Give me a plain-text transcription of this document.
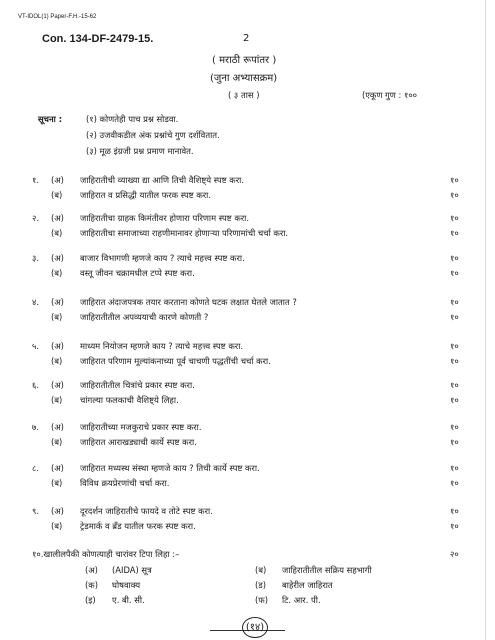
VT-IDOL(1) Paper-F.H.-15-62
Con. 134-DF-2479-15.	2
( मराठी रूपांतर )
(जुना अभ्यासक्रम)
( ३ तास )	(एकूण गुण : १००
सूचना :	(१) कोणतेही पाच प्रश्न सोडवा.
(२) उजवीकडील अंक प्रश्नांचे गुण दर्शवितात.
(३) मूळ इंग्रजी प्रश्न प्रमाण मानावेत.
१. (अ) जाहिरातीची व्याख्या द्या आणि तिची वैशिष्ट्ये स्पष्ट करा.	१०
(ब) जाहिरात व प्रसिद्धी यातील फरक स्पष्ट करा.	१०
२. (अ) जाहिरातीचा ग्राहक किमंतीवर होणारा परिणाम स्पष्ट करा.	१०
(ब) जाहिरातीचा समाजाच्या राहणीमानावर होणाऱ्या परिणामांची चर्चा करा.	१०
३. (अ) बाजार विभागणी म्हणजे काय ? त्याचे महत्त्व स्पष्ट करा.	१०
(ब) वस्तू जीवन चक्रामधील टप्पे स्पष्ट करा.	१०
४. (अ) जाहिरात अंदाजपत्रक तयार करताना कोणते घटक लक्षात घेतले जातात ?	१०
(ब) जाहिरातीतील अपव्ययाची कारणे कोणती ?	१०
५. (अ) माध्यम नियोजन म्हणजे काय ? त्याचे महत्त्व स्पष्ट करा.	१०
(ब) जाहिरात परिणाम मूल्यांकनाच्या पूर्व चाचणी पद्धतींची चर्चा करा.	१०
६. (अ) जाहिरातीतील चित्रांचे प्रकार स्पष्ट करा.	१०
(ब) चांगल्या फलकाची वैशिष्ट्ये लिहा.	१०
७. (अ) जाहिरातीच्या मजकुराचे प्रकार स्पष्ट करा.	१०
(ब) जाहिरात आराखड्याची कार्ये स्पष्ट करा.	१०
८. (अ) जाहिरात मध्यस्थ संस्था म्हणजे काय ? तिची कार्ये स्पष्ट करा.	१०
(ब) विविध क्रयप्रेरणांची चर्चा करा.	१०
९. (अ) दूरदर्शन जाहिरातीचे फायदे व तोटे स्पष्ट करा.	१०
(ब) ट्रेडमार्क व ब्रँड यातील फरक स्पष्ट करा.	१०
१०.खालीलपैकी कोणत्याही चारांवर टिपा लिहा :–	२०
(अ) (AIDA) सूत्र	(ब) जाहिरातीतील सक्रिय सहभागी
(क) घोषवाक्य	(ड) बाहेरील जाहिरात
(इ) ए. बी. सी.	(फ) टि. आर. पी.
(१४)
